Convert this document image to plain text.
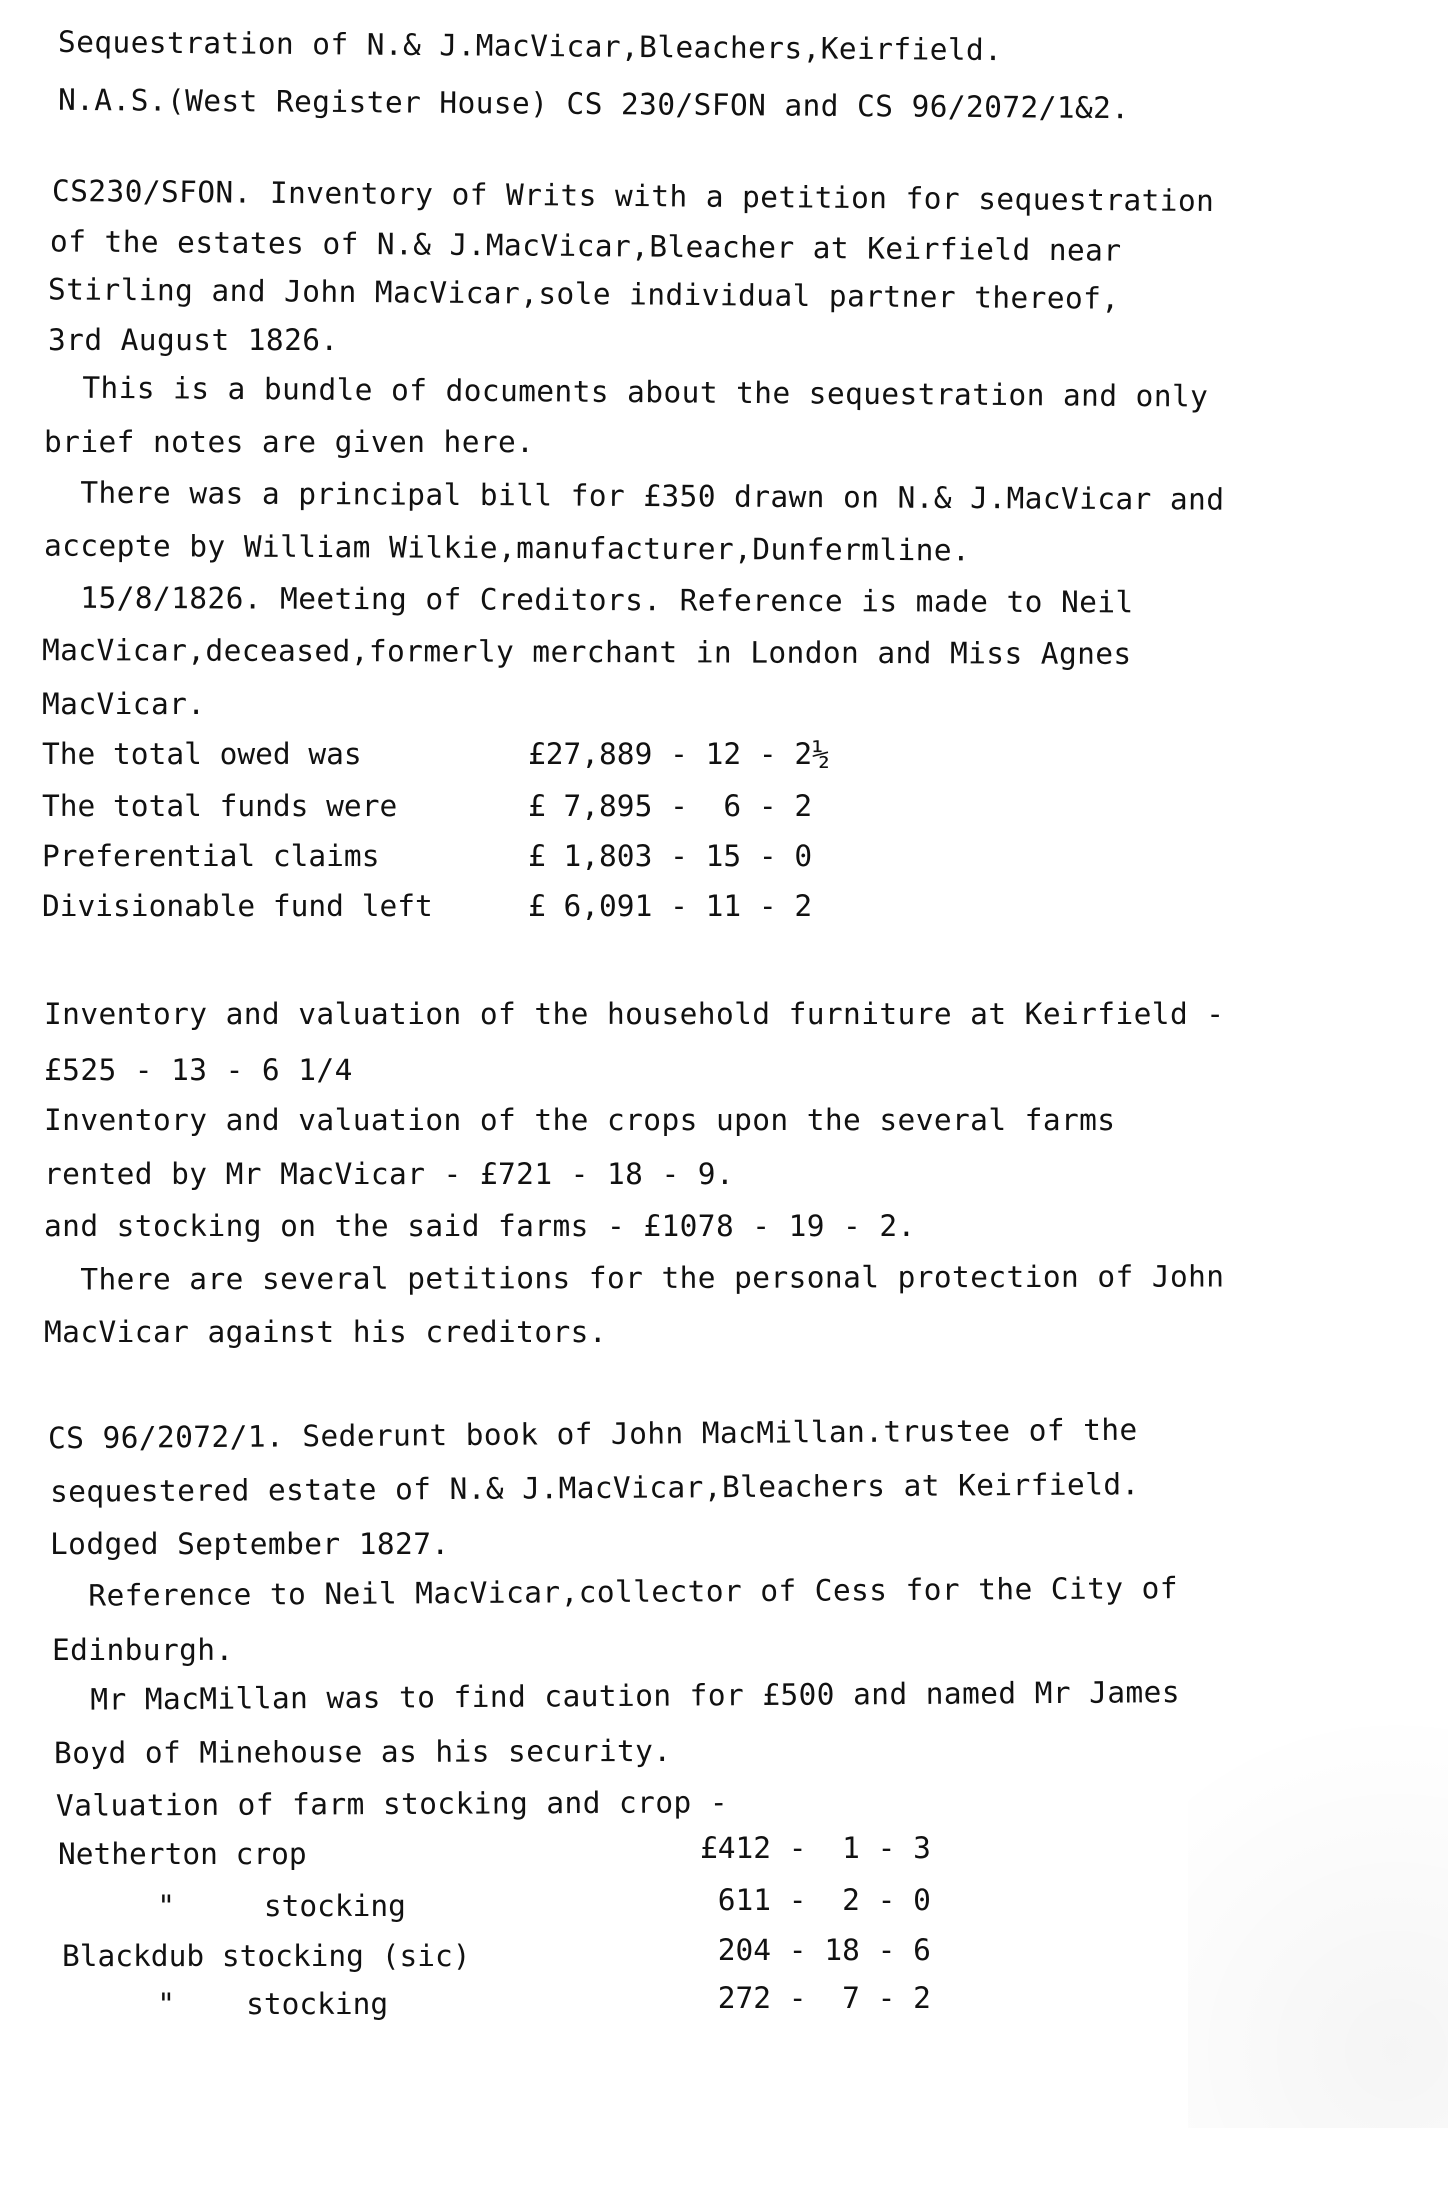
Sequestration of N.& J.MacVicar,Bleachers,Keirfield.
N.A.S.(West Register House) CS 230/SFON and CS 96/2072/1&2.
CS230/SFON. Inventory of Writs with a petition for sequestration
of the estates of N.& J.MacVicar,Bleacher at Keirfield near
Stirling and John MacVicar,sole individual partner thereof,
3rd August 1826.
This is a bundle of documents about the sequestration and only
brief notes are given here.
There was a principal bill for £350 drawn on N.& J.MacVicar and
accepte by William Wilkie,manufacturer,Dunfermline.
15/8/1826. Meeting of Creditors. Reference is made to Neil
MacVicar,deceased,formerly merchant in London and Miss Agnes
MacVicar.

The total owed was

	£27,889 - 12 - 2½

The total funds were

	£ 7,895 -  6 - 2

Preferential claims

	£ 1,803 - 15 - 0

Divisionable fund left

	£ 6,091 - 11 - 2

Inventory and valuation of the household furniture at Keirfield -
£525 - 13 - 6 1/4
Inventory and valuation of the crops upon the several farms
rented by Mr MacVicar - £721 - 18 - 9.
and stocking on the said farms - £1078 - 19 - 2.
There are several petitions for the personal protection of John
MacVicar against his creditors.
CS 96/2072/1. Sederunt book of John MacMillan.trustee of the
sequestered estate of N.& J.MacVicar,Bleachers at Keirfield.
Lodged September 1827.
Reference to Neil MacVicar,collector of Cess for the City of
Edinburgh.
Mr MacMillan was to find caution for £500 and named Mr James
Boyd of Minehouse as his security.
Valuation of farm stocking and crop -

Netherton crop

	£412 -  1 - 3

"     stocking

	611 -  2 - 0

Blackdub stocking (sic)

	204 - 18 - 6

"    stocking

	272 -  7 - 2
